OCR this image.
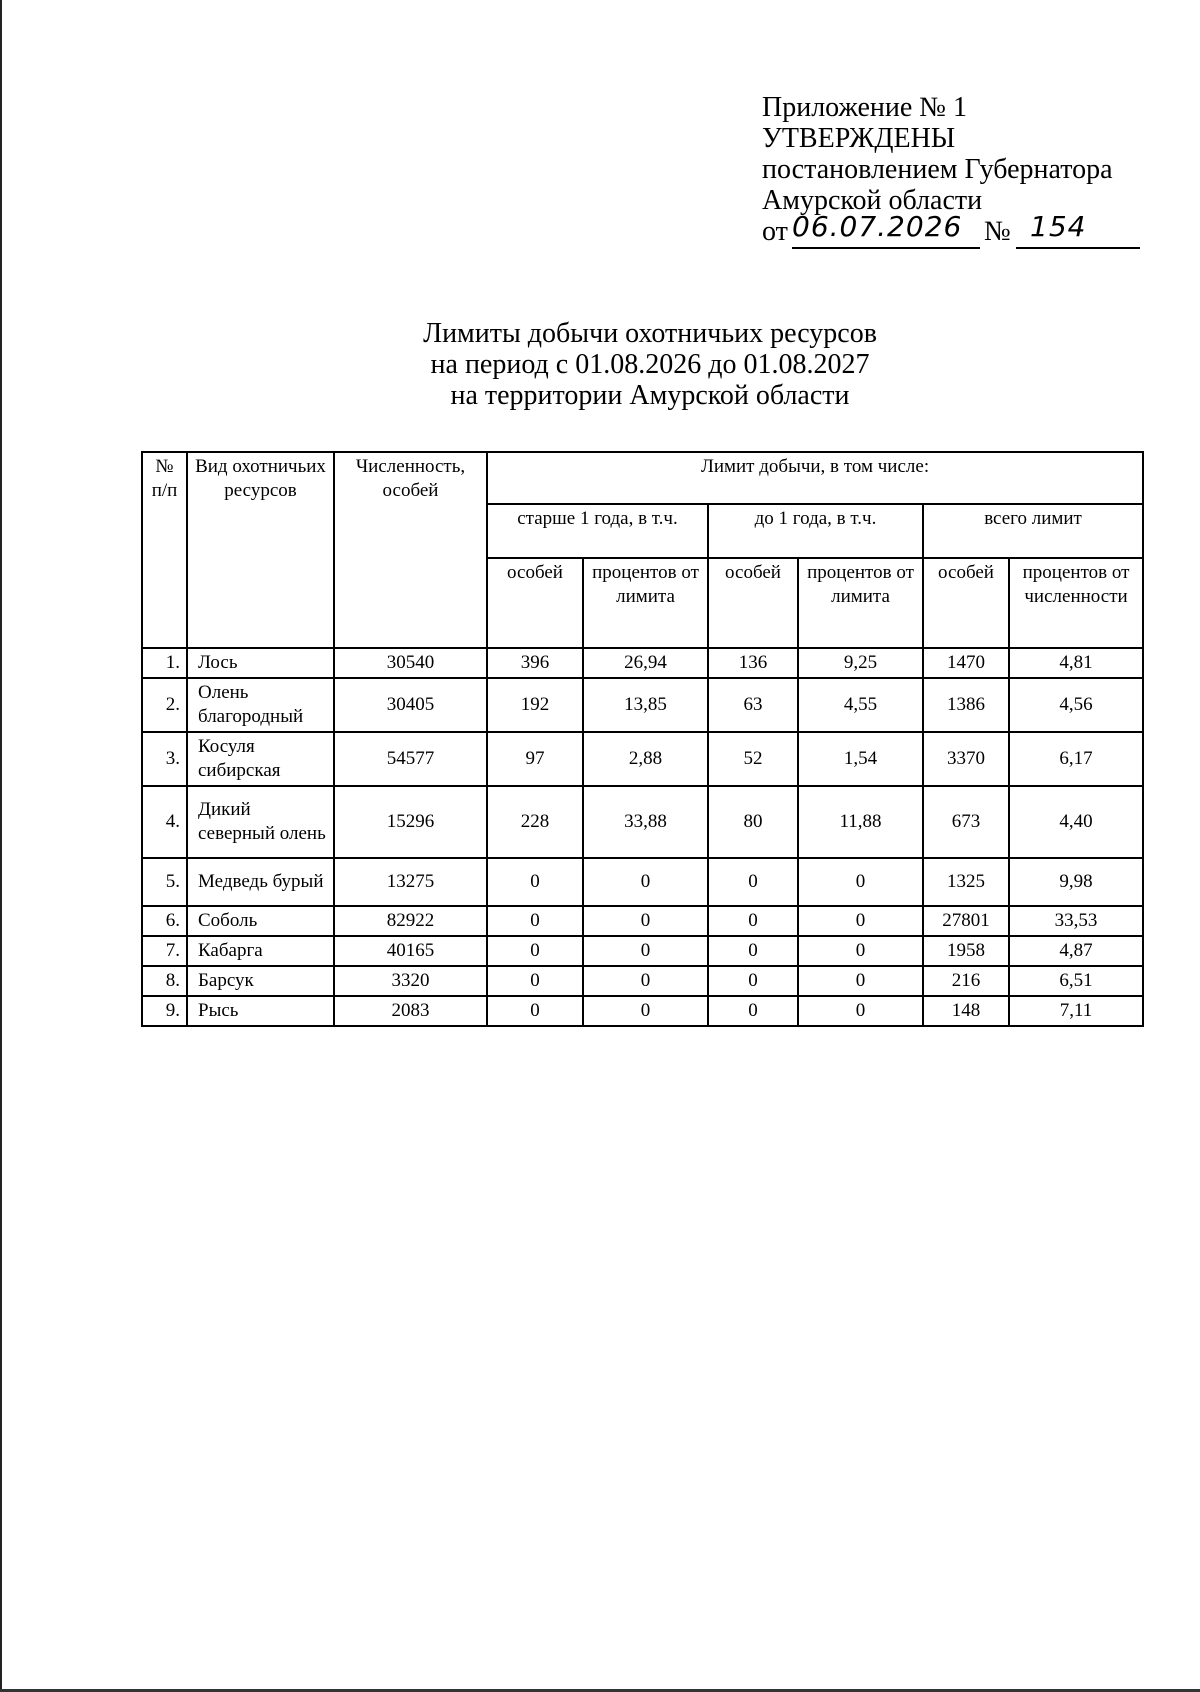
Приложение № 1
УТВЕРЖДЕНЫ
постановлением Губернатора
Амурской области
от 06.07.2026 № 154
Лимиты добычи охотничьих ресурсов
на период с 01.08.2026 до 01.08.2027
на территории Амурской области
№ п/п	Вид охотничьих ресурсов	Численность, особей	Лимит добычи, в том числе:					
			старше 1 года, в т.ч.		до 1 года, в т.ч.		всего лимит	
			особей	процентов от лимита	особей	процентов от лимита	особей	процентов от численности
1.	Лось	30540	396	26,94	136	9,25	1470	4,81
2.	Олень благородный	30405	192	13,85	63	4,55	1386	4,56
3.	Косуля сибирская	54577	97	2,88	52	1,54	3370	6,17
4.	Дикий северный олень	15296	228	33,88	80	11,88	673	4,40
5.	Медведь бурый	13275	0	0	0	0	1325	9,98
6.	Соболь	82922	0	0	0	0	27801	33,53
7.	Кабарга	40165	0	0	0	0	1958	4,87
8.	Барсук	3320	0	0	0	0	216	6,51
9.	Рысь	2083	0	0	0	0	148	7,11
